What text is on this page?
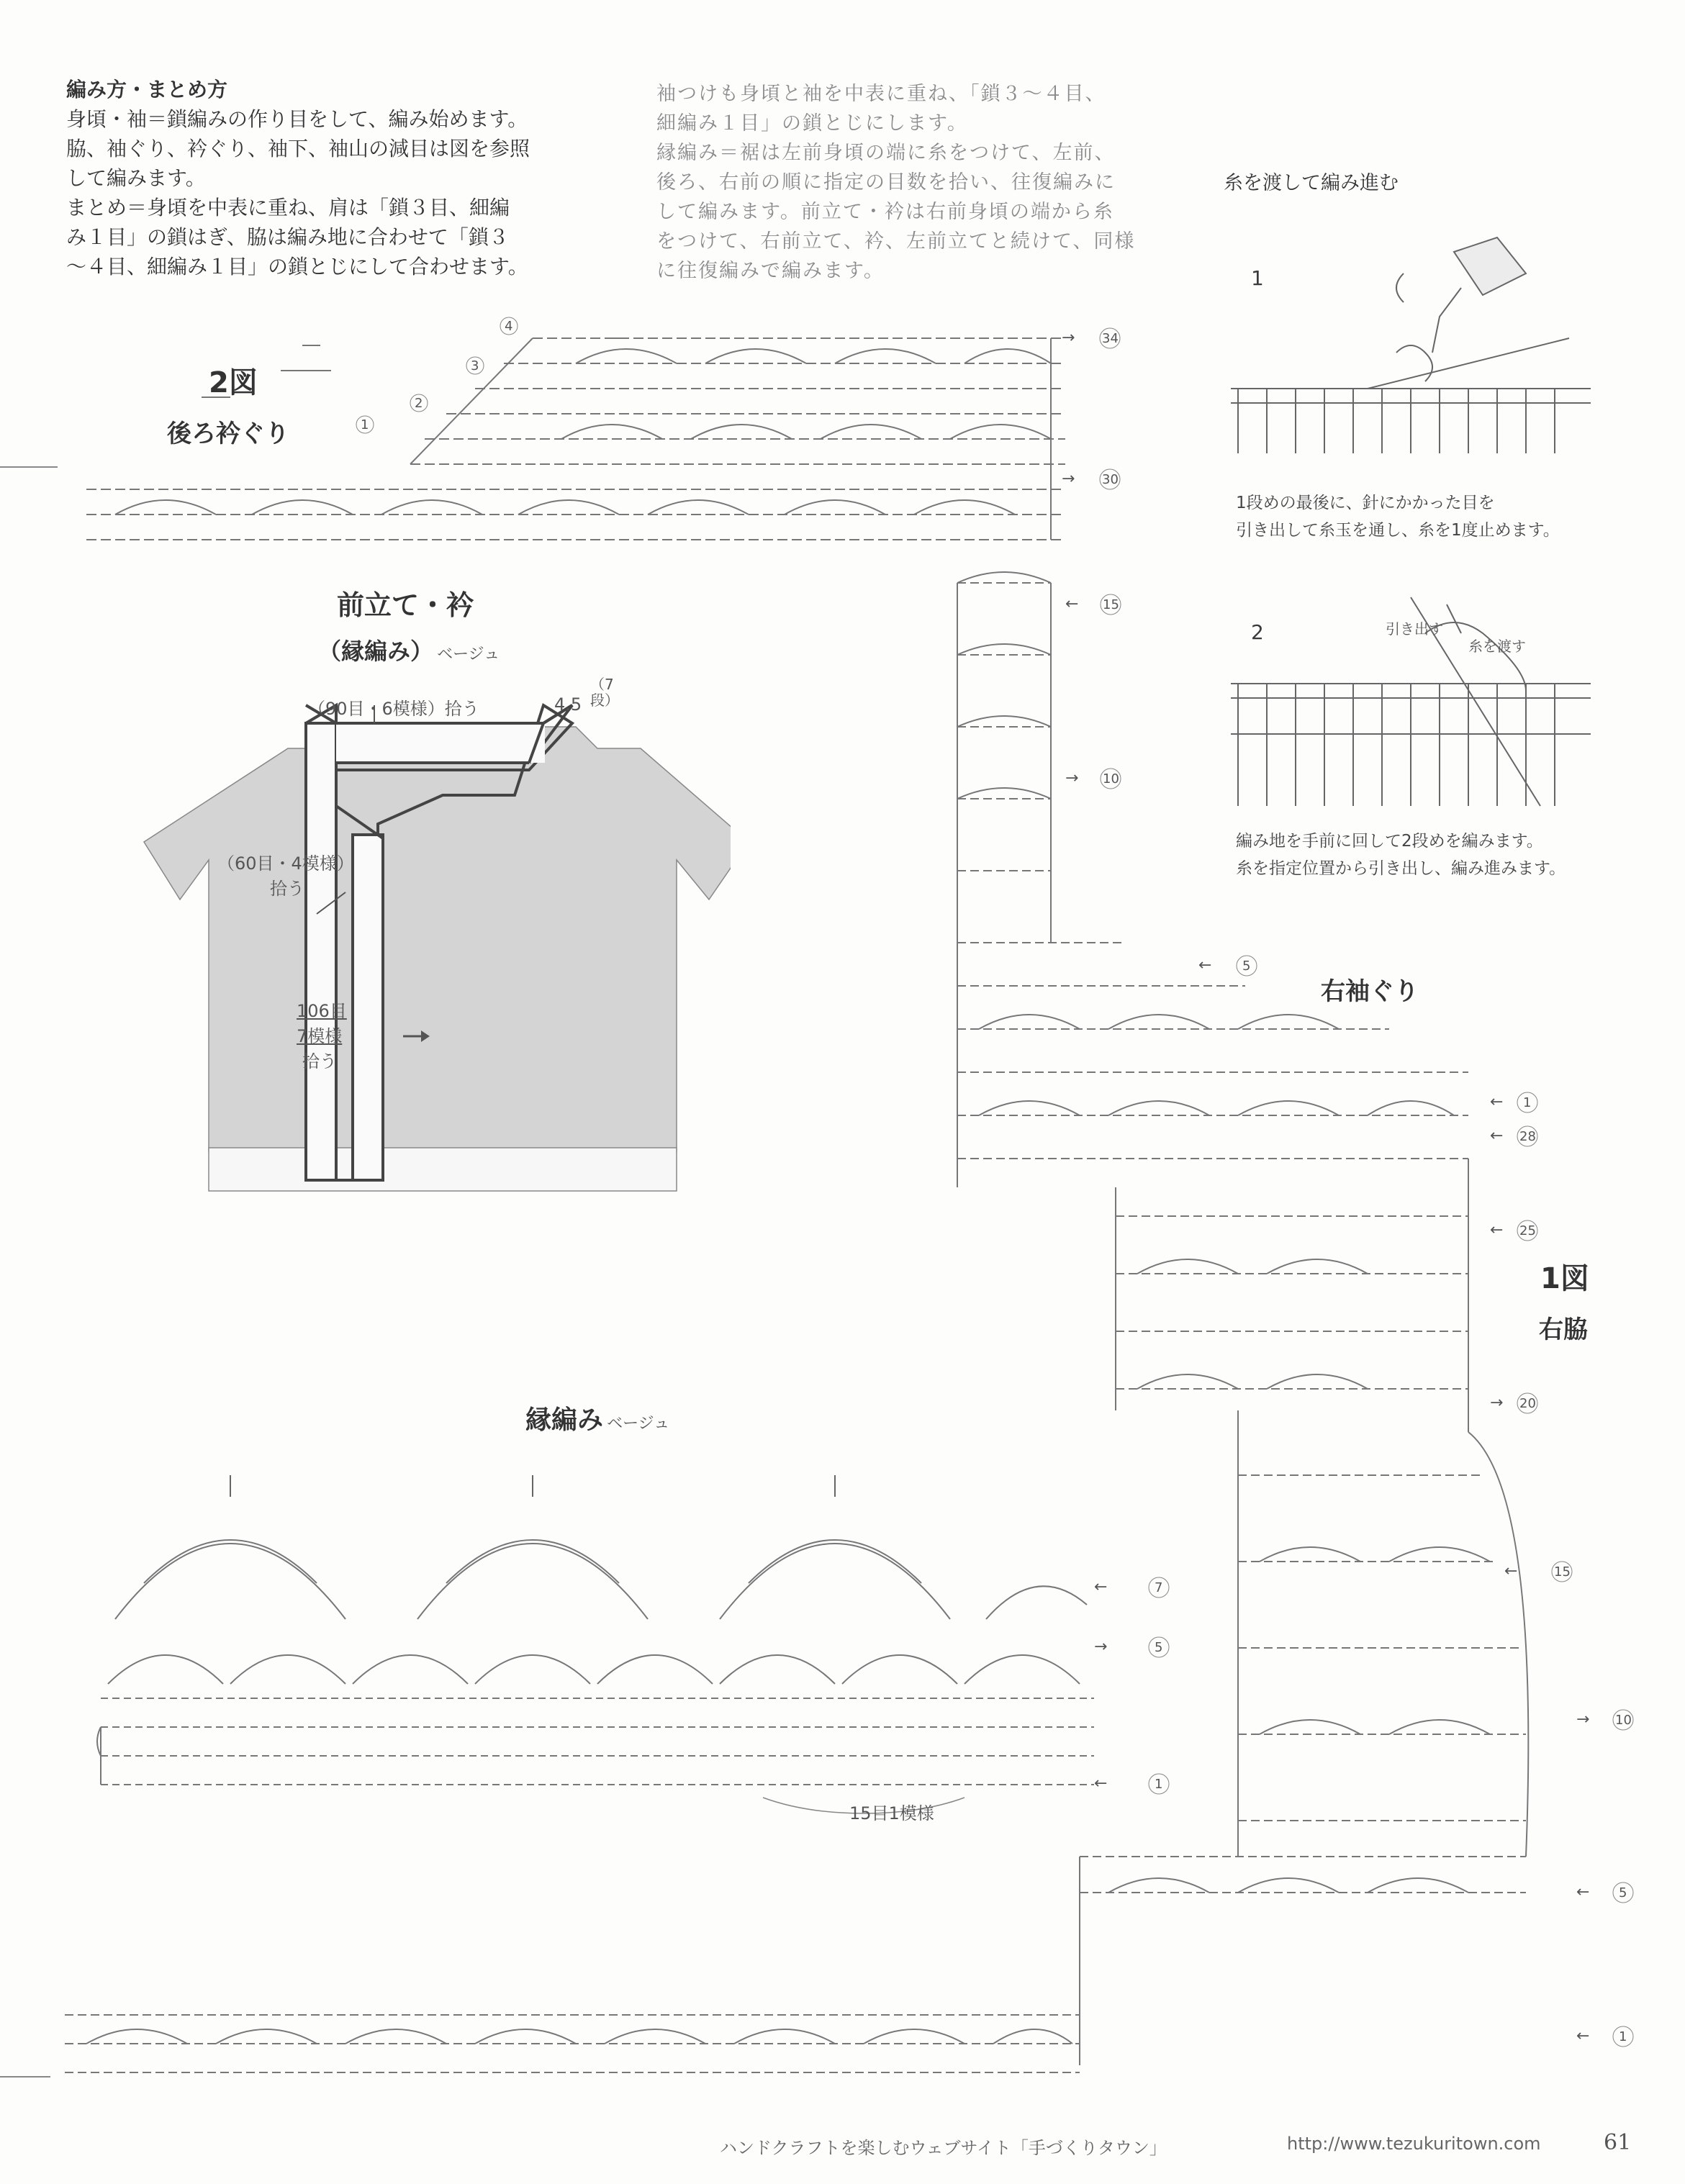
編み方・まとめ方
身頃・袖＝鎖編みの作り目をして、編み始めます。
脇、袖ぐり、衿ぐり、袖下、袖山の減目は図を参照
して編みます。
まとめ＝身頃を中表に重ね、肩は「鎖３目、細編
み１目」の鎖はぎ、脇は編み地に合わせて「鎖３
〜４目、細編み１目」の鎖とじにして合わせます。
袖つけも身頃と袖を中表に重ね、「鎖３〜４目、
細編み１目」の鎖とじにします。
縁編み＝裾は左前身頃の端に糸をつけて、左前、
後ろ、右前の順に指定の目数を拾い、往復編みに
して編みます。前立て・衿は右前身頃の端から糸
をつけて、右前立て、衿、左前立てと続けて、同様
に往復編みで編みます。
2図
後ろ衿ぐり
4
3
2
1
→ 34
→ 30
前立て・衿
（縁編み） ベージュ
（90目・6模様）拾う	4.5
（7段）
（60目・4模様）
拾う
106目
7模様
拾う
糸を渡して編み進む
1
1段めの最後に、針にかかった目を
引き出して糸玉を通し、糸を1度止めます。
2	引き出す
糸を渡す
編み地を手前に回して2段めを編みます。
糸を指定位置から引き出し、編み進みます。
右袖ぐり
1図
右脇
← 15
→ 10
← 5
← 1
← 28
← 25
→ 20
←	15
→ 10
← 5
← 1
縁編み ベージュ
←	7
→	5
←	1
15目1模様
ハンドクラフトを楽しむウェブサイト「手づくりタウン」	http://www.tezukuritown.com	61
